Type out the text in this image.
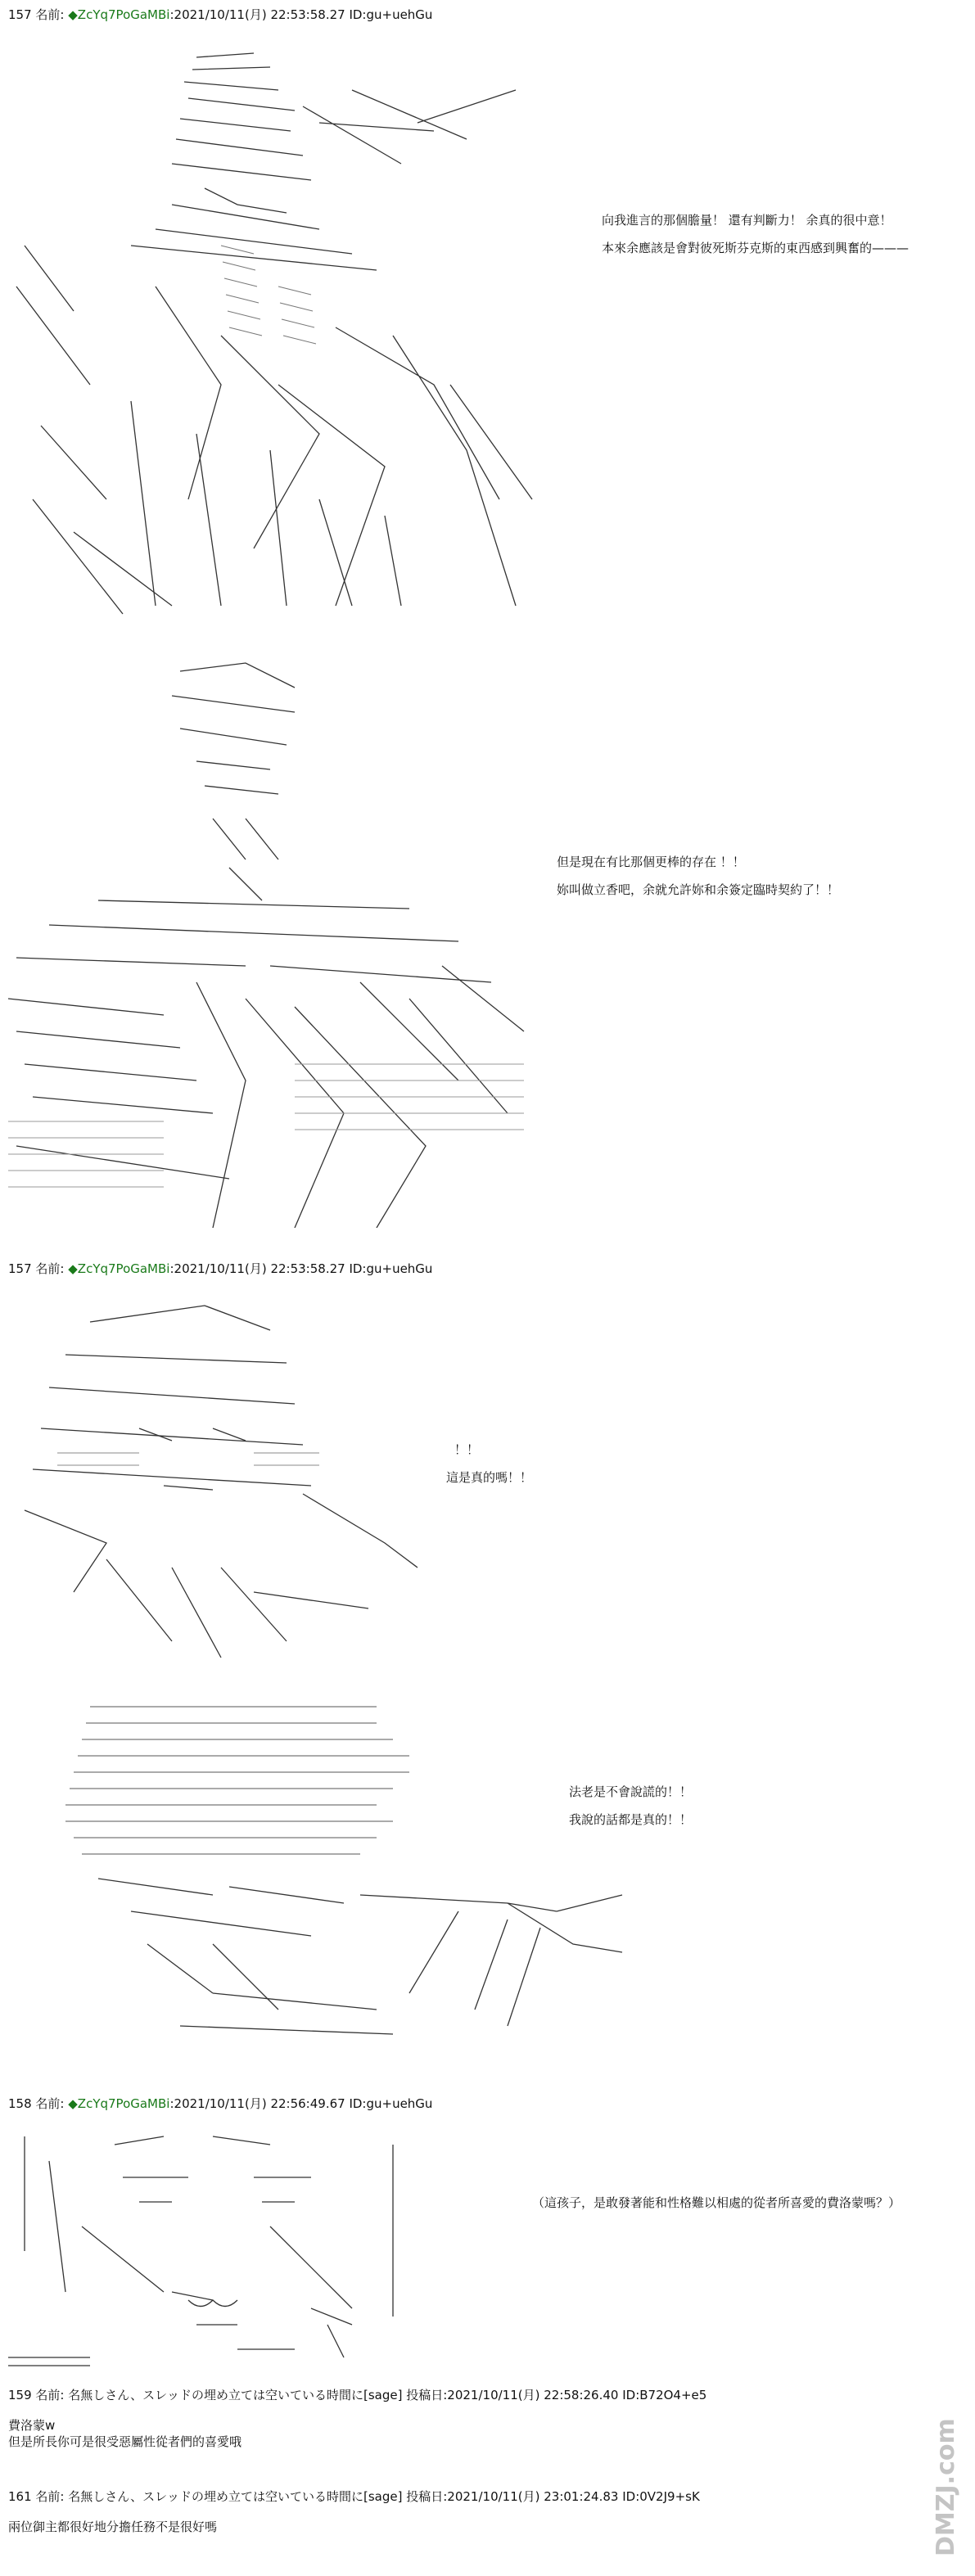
157 名前: ◆ZcYq7PoGaMBi:2021/10/11(月) 22:53:58.27 ID:gu+uehGu
向我進言的那個膽量！ 還有判斷力！ 余真的很中意！
本來余應該是會對彼死斯芬克斯的東西感到興奮的———
但是現在有比那個更棒的存在 ！！
妳叫做立香吧，余就允許妳和余簽定臨時契約了！！
157 名前: ◆ZcYq7PoGaMBi:2021/10/11(月) 22:53:58.27 ID:gu+uehGu
！！
這是真的嗎！！
法老是不會說謊的！！
我說的話都是真的！！
158 名前: ◆ZcYq7PoGaMBi:2021/10/11(月) 22:56:49.67 ID:gu+uehGu
（這孩子，是敢發著能和性格難以相處的從者所喜愛的費洛蒙嗎？）
159 名前: 名無しさん、スレッドの埋め立ては空いている時間に[sage] 投稿日:2021/10/11(月) 22:58:26.40 ID:B72O4+e5
費洛蒙w
但是所長你可是很受惡屬性從者們的喜愛哦
161 名前: 名無しさん、スレッドの埋め立ては空いている時間に[sage] 投稿日:2021/10/11(月) 23:01:24.83 ID:0V2J9+sK
兩位御主都很好地分擔任務不是很好嗎	DMZJ.com
